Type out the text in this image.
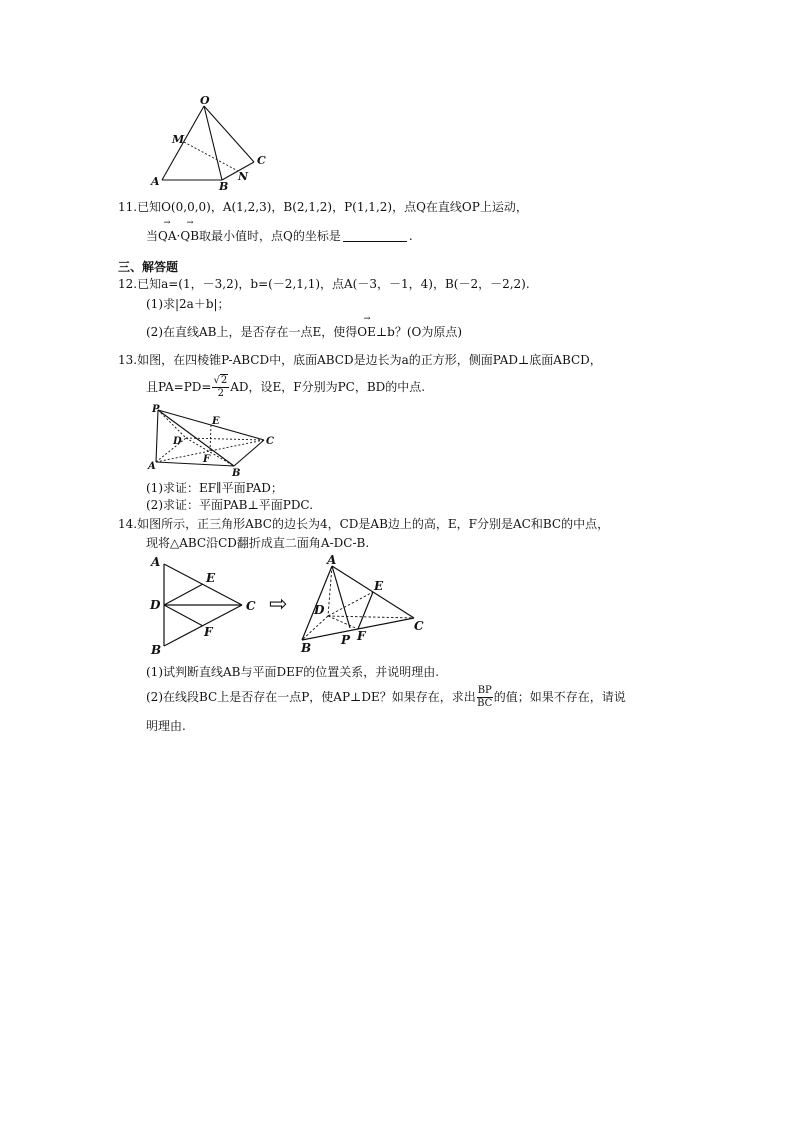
O
M
C
A	B
N
11.已知O(0,0,0)，A(1,2,3)，B(2,1,2)，P(1,1,2)，点Q在直线OP上运动，
当→ QA·→ QB取最小值时，点Q的坐标是	.
三、解答题
12.已知a=(1，－3,2)，b=(－2,1,1)，点A(－3，－1，4)，B(－2，－2,2).
(1)求|2a＋b|；
(2)在直线AB上，是否存在一点E，使得→ OE⊥b？(O为原点)
13.如图，在四棱锥P-ABCD中，底面ABCD是边长为a的正方形，侧面PAD⊥底面ABCD，
且$PA=PD= \frac{√2}{2}$ AD，设E，F分别为PC，BD的中点.
P
E
D	C
F
A
B
(1)求证：EF∥平面PAD；
(2)求证：平面PAB⊥平面PDC.
14.如图所示，正三角形ABC的边长为4，CD是AB边上的高，E，F分别是AC和BC的中点，
现将△ABC沿CD翻折成直二面角A-DC-B.
A
E
D	C
F
B
⇨
A
E
D
C
B
P F
(1)试判断直线AB与平面DEF的位置关系，并说明理由.
(2)在线段BC上是否存在一点P，使AP⊥DE？如果存在，求出 $\frac{BP}{BC}$ 的值；如果不存在，请说
明理由.
